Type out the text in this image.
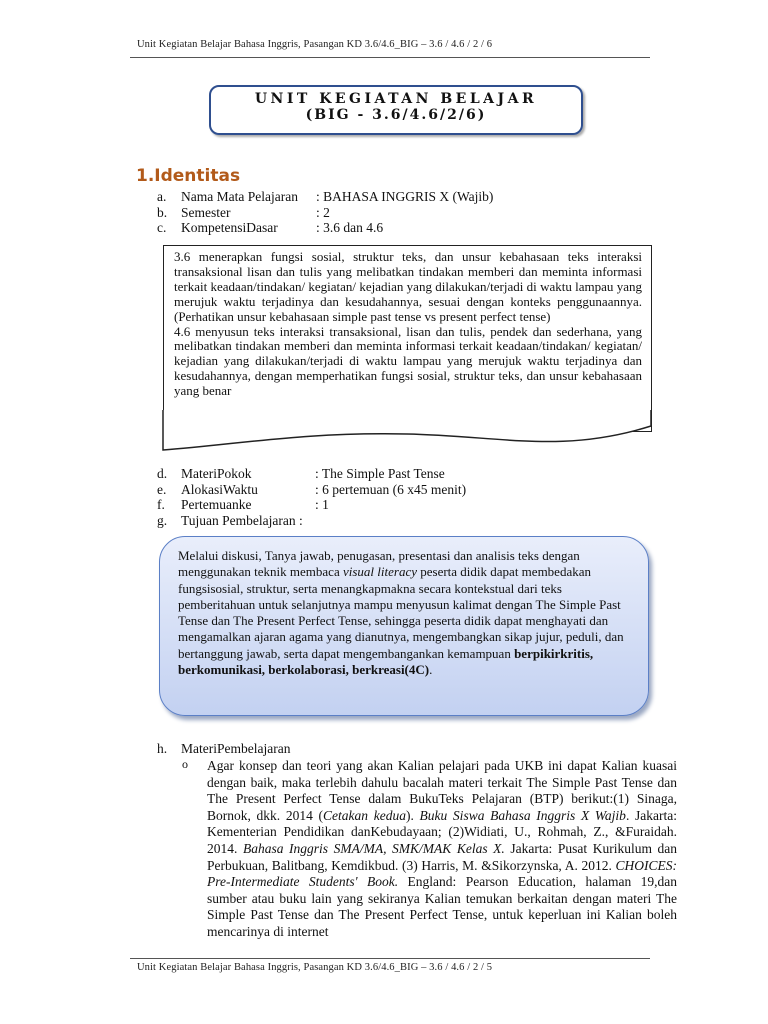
Unit Kegiatan Belajar Bahasa Inggris, Pasangan KD 3.6/4.6_BIG – 3.6 / 4.6 / 2 / 6
UNIT KEGIATAN BELAJAR
(BIG - 3.6/4.6/2/6)
1.Identitas
a. Nama Mata Pelajaran : BAHASA INGGRIS X (Wajib)
b. Semester	: 2
c. KompetensiDasar	: 3.6 dan 4.6

3.6 menerapkan fungsi sosial, struktur teks, dan unsur kebahasaan teks interaksi transaksional lisan dan tulis yang melibatkan tindakan memberi dan meminta informasi terkait keadaan/tindakan/ kegiatan/ kejadian yang dilakukan/terjadi di waktu lampau yang merujuk waktu terjadinya dan kesudahannya, sesuai dengan konteks penggunaannya. (Perhatikan unsur kebahasaan simple past tense vs present perfect tense)

4.6 menyusun teks interaksi transaksional, lisan dan tulis, pendek dan sederhana, yang melibatkan tindakan memberi dan meminta informasi terkait keadaan/tindakan/ kegiatan/ kejadian yang dilakukan/terjadi di waktu lampau yang merujuk waktu terjadinya dan kesudahannya, dengan memperhatikan fungsi sosial, struktur teks, dan unsur kebahasaan yang benar

d. MateriPokok	: The Simple Past Tense
e. AlokasiWaktu	: 6 pertemuan (6 x45 menit)
f. Pertemuanke	: 1
g. Tujuan Pembelajaran :
Melalui diskusi, Tanya jawab, penugasan, presentasi dan analisis teks dengan menggunakan teknik membaca visual literacy peserta didik dapat membedakan fungsisosial, struktur, serta menangkapmakna secara kontekstual dari teks pemberitahuan untuk selanjutnya mampu menyusun kalimat dengan The Simple Past Tense dan The Present Perfect Tense, sehingga peserta didik dapat menghayati dan mengamalkan ajaran agama yang dianutnya, mengembangkan sikap jujur, peduli, dan bertanggung jawab, serta dapat mengembangankan kemampuan berpikirkritis, berkomunikasi, berkolaborasi, berkreasi(4C).
h. MateriPembelajaran
o Agar konsep dan teori yang akan Kalian pelajari pada UKB ini dapat Kalian kuasai dengan baik, maka terlebih dahulu bacalah materi terkait The Simple Past Tense dan The Present Perfect Tense dalam BukuTeks Pelajaran (BTP) berikut:(1) Sinaga, Bornok, dkk. 2014 (Cetakan kedua). Buku Siswa Bahasa Inggris X Wajib. Jakarta: Kementerian Pendidikan danKebudayaan; (2)Widiati, U., Rohmah, Z., &Furaidah. 2014. Bahasa Inggris SMA/MA, SMK/MAK Kelas X. Jakarta: Pusat Kurikulum dan Perbukuan, Balitbang, Kemdikbud. (3) Harris, M. &Sikorzynska, A. 2012. CHOICES: Pre-Intermediate Students' Book. England: Pearson Education, halaman 19,dan sumber atau buku lain yang sekiranya Kalian temukan berkaitan dengan materi The Simple Past Tense dan The Present Perfect Tense, untuk keperluan ini Kalian boleh mencarinya di internet
Unit Kegiatan Belajar Bahasa Inggris, Pasangan KD 3.6/4.6_BIG – 3.6 / 4.6 / 2 / 5
